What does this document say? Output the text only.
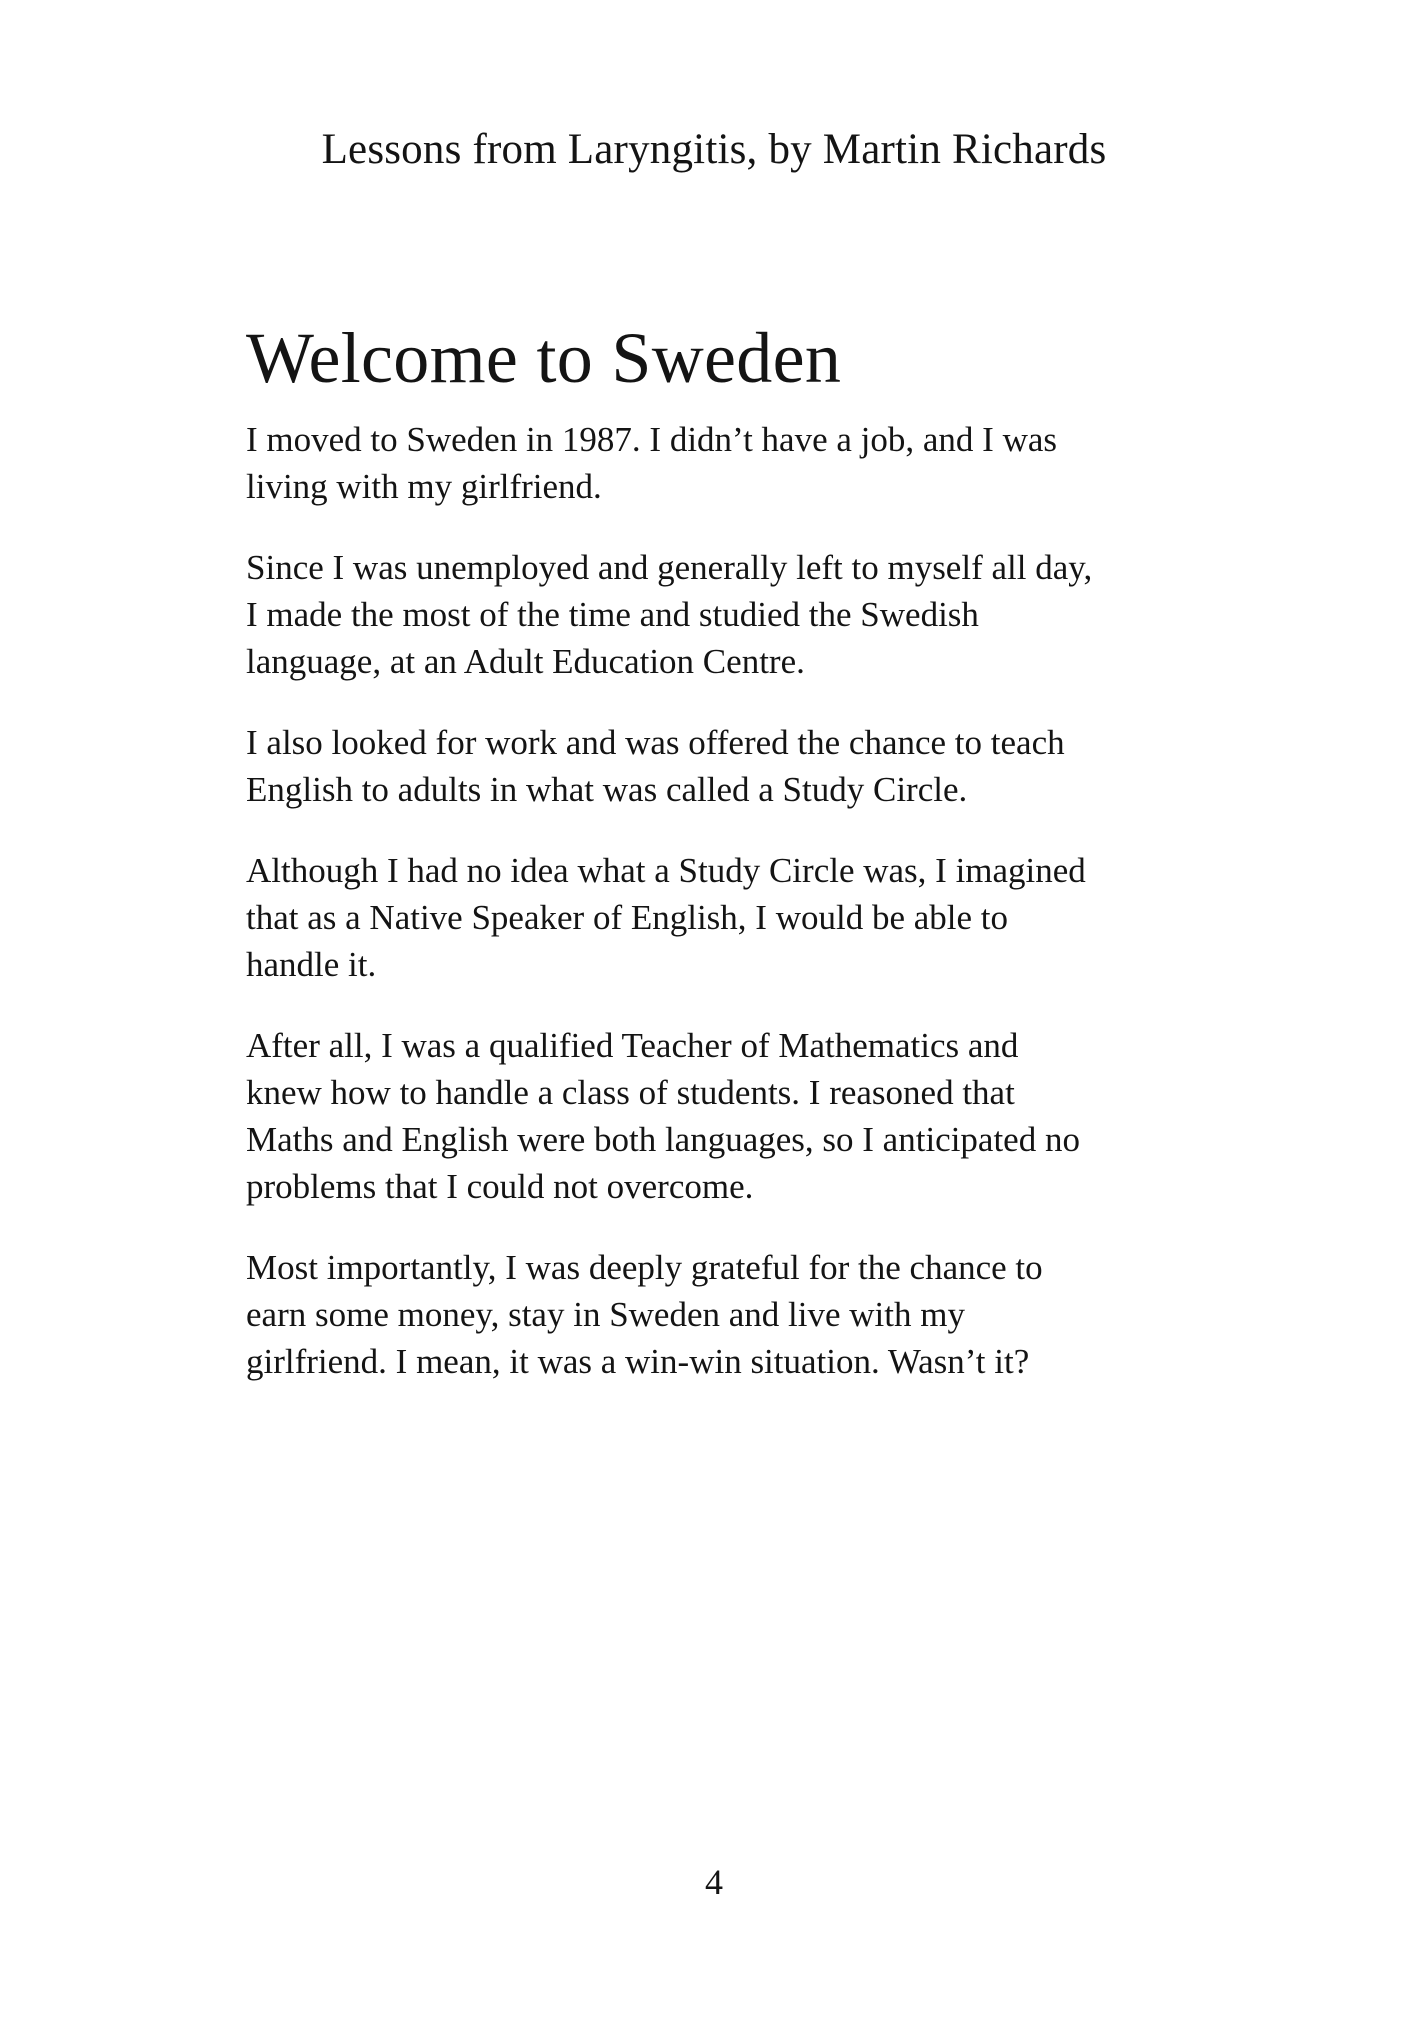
Lessons from Laryngitis, by Martin Richards
Welcome to Sweden

I moved to Sweden in 1987. I didn’t have a job, and I was
living with my girlfriend.

Since I was unemployed and generally left to myself all day,
I made the most of the time and studied the Swedish
language, at an Adult Education Centre.

I also looked for work and was offered the chance to teach
English to adults in what was called a Study Circle.

Although I had no idea what a Study Circle was, I imagined
that as a Native Speaker of English, I would be able to
handle it.

After all, I was a qualified Teacher of Mathematics and
knew how to handle a class of students. I reasoned that
Maths and English were both languages, so I anticipated no
problems that I could not overcome.

Most importantly, I was deeply grateful for the chance to
earn some money, stay in Sweden and live with my
girlfriend. I mean, it was a win-win situation. Wasn’t it?

4
